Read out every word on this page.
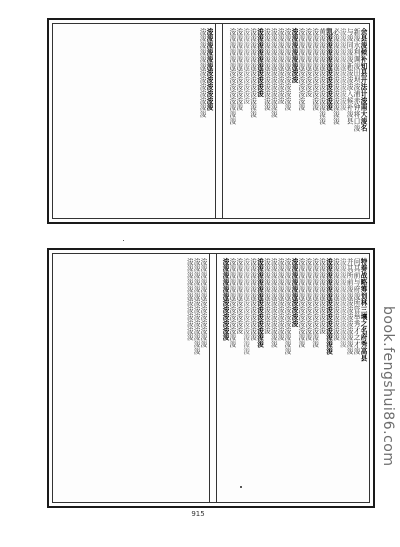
余县浚候补知县开法计浚南大浚名
新浚水利调浚田坝浚浦赤钟将口浚
与浚同浚浚新浚浚浚入候补浚县
浚浚浚浚浚浚浚浚浚浚浚浚
必浚浚浚浚浚浚浚浚浚浚浚浚浚
凯浚浚浚浚浚浚浚浚浚浚浚
黄浚浚浚浚浚浚浚浚浚浚浚浚浚
浚浚浚浚浚浚浚浚浚浚浚浚
浚浚浚浚浚浚浚浚浚浚
浚浚浚浚浚浚浚浚浚浚浚浚
浚浚浚浚浚浚浚浚
浚浚浚浚浚浚浚浚浚浚浚浚
浚浚浚浚浚浚浚浚浚浚浚
浚浚浚浚浚浚浚浚浚浚浚浚浚
浚浚浚浚浚浚浚浚浚浚浚浚
浚浚浚浚浚浚浚浚浚浚
浚浚浚浚浚浚浚浚浚浚浚浚浚
浚浚浚浚浚浚浚浚浚浚浚
浚浚浚浚浚浚浚浚浚浚浚浚
浚浚浚浚浚浚浚浚浚浚浚浚浚浚
浚浚浚浚浚浚浚浚浚浚浚浚
浚浚浚浚浚浚浚浚浚浚浚浚浚
特奏战略筹划林三壤之名府秀高县
问其前与府浚所管举秀才之才浚
并其所前浚浚浚浚浚浚浚浚浚浚
浚浚浚浚浚浚浚浚浚浚浚浚浚
浚浚浚浚浚浚浚浚浚浚浚浚
浚浚浚浚浚浚浚浚浚浚浚浚浚浚
浚浚浚浚浚浚浚浚浚浚浚
浚浚浚浚浚浚浚浚浚浚浚浚浚
浚浚浚浚浚浚浚浚浚浚浚浚
浚浚浚浚浚浚浚浚浚浚浚浚浚
浚浚浚浚浚浚浚浚浚浚
浚浚浚浚浚浚浚浚浚浚浚浚浚浚
浚浚浚浚浚浚浚浚浚浚浚浚
浚浚浚浚浚浚浚浚浚浚浚浚浚
浚浚浚浚浚浚浚浚浚浚浚
浚浚浚浚浚浚浚浚浚浚浚浚浚
浚浚浚浚浚浚浚浚浚浚浚浚
浚浚浚浚浚浚浚浚浚浚浚浚浚浚
浚浚浚浚浚浚浚浚浚浚浚
浚浚浚浚浚浚浚浚浚浚浚浚浚
浚浚浚浚浚浚浚浚浚浚浚浚
浚浚浚浚浚浚浚浚浚浚浚浚浚
浚浚浚浚浚浚浚浚浚浚浚浚浚浚
浚浚浚浚浚浚浚浚浚浚浚浚
915
book.fengshui86.com
